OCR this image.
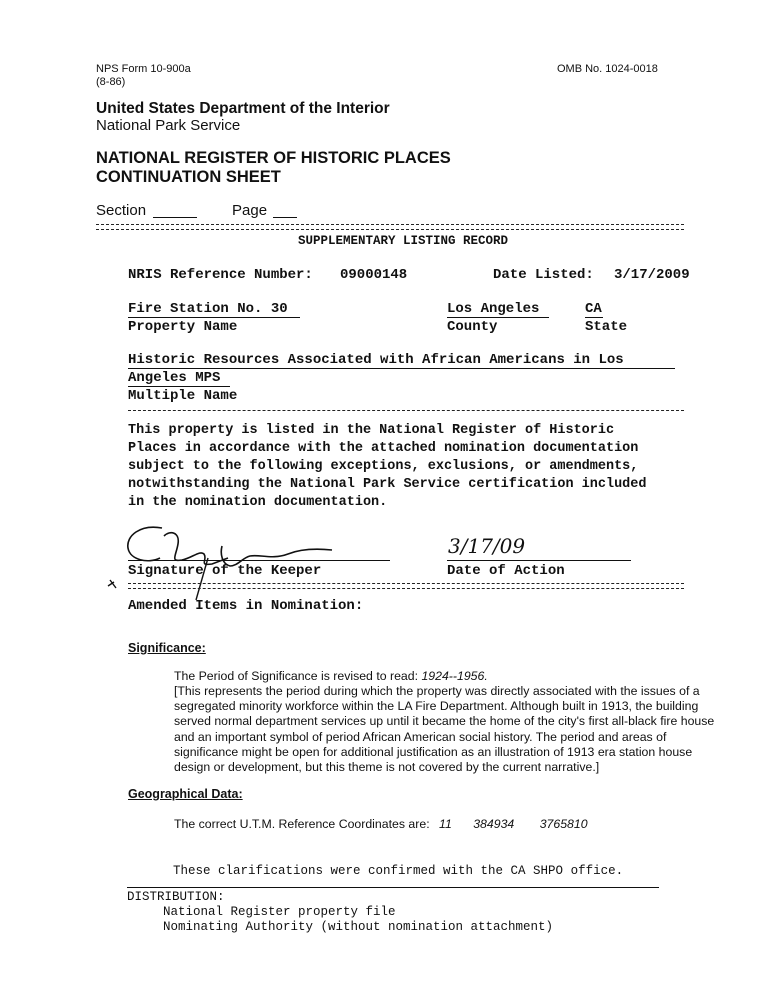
NPS Form 10-900a
(8-86)
OMB No. 1024-0018
United States Department of the Interior
National Park Service
NATIONAL REGISTER OF HISTORIC PLACES
CONTINUATION SHEET
Section	Page
SUPPLEMENTARY LISTING RECORD
NRIS Reference Number: 09000148	Date Listed: 3/17/2009
Fire Station No. 30
Property Name
Los Angeles
County
CA
State
Historic Resources Associated with African Americans in Los
Angeles MPS
Multiple Name
This property is listed in the National Register of Historic
Places in accordance with the attached nomination documentation
subject to the following exceptions, exclusions, or amendments,
notwithstanding the National Park Service certification included
in the nomination documentation.
Signature of the Keeper
3/17/09
Date of Action
Amended Items in Nomination:
Significance:
The Period of Significance is revised to read: 1924--1956.
[This represents the period during which the property was directly associated with the issues of a segregated minority workforce within the LA Fire Department. Although built in 1913, the building served normal department services up until it became the home of the city's first all-black fire house and an important symbol of period African American social history. The period and areas of significance might be open for additional justification as an illustration of 1913 era station house design or development, but this theme is not covered by the current narrative.]
Geographical Data:
The correct U.T.M. Reference Coordinates are: 11 384934 3765810
These clarifications were confirmed with the CA SHPO office.
DISTRIBUTION:
National Register property file
Nominating Authority (without nomination attachment)
